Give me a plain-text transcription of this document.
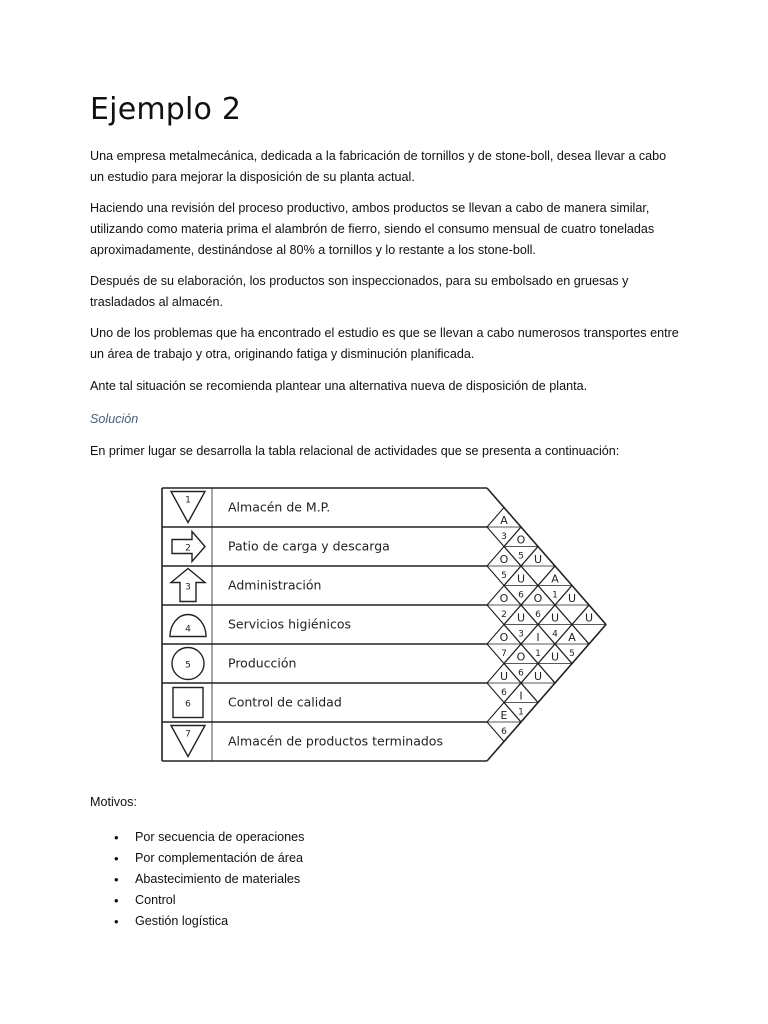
Ejemplo 2

Una empresa metalmecánica, dedicada a la fabricación de tornillos y de stone-boll, desea llevar a cabo un estudio para mejorar la disposición de su planta actual.

Haciendo una revisión del proceso productivo, ambos productos se llevan a cabo de manera similar, utilizando como materia prima el alambrón de fierro, siendo el consumo mensual de cuatro toneladas aproximadamente, destinándose al 80% a tornillos y lo restante a los stone-boll.

Después de su elaboración, los productos son inspeccionados, para su embolsado en gruesas y trasladados al almacén.

Uno de los problemas que ha encontrado el estudio es que se llevan a cabo numerosos transportes entre un área de trabajo y otra, originando fatiga y disminución planificada.

Ante tal situación se recomienda plantear una alternativa nueva de disposición de planta.

Solución

En primer lugar se desarrolla la tabla relacional de actividades que se presenta a continuación:

1
2
3
4
5
6
7
Almacén de M.P.
Patio de carga y descarga
Administración
Servicios higiénicos
Producción
Control de calidad
Almacén de productos terminados
A
3 O
5 U
A
1 U
U
O
5 U
6 O
6 U
4 A
5
O
2 U
3 I
1 U
O
7 O
6 U
U
6 I
1
E
6

Motivos:

• Por secuencia de operaciones
• Por complementación de área
• Abastecimiento de materiales
• Control
• Gestión logística
